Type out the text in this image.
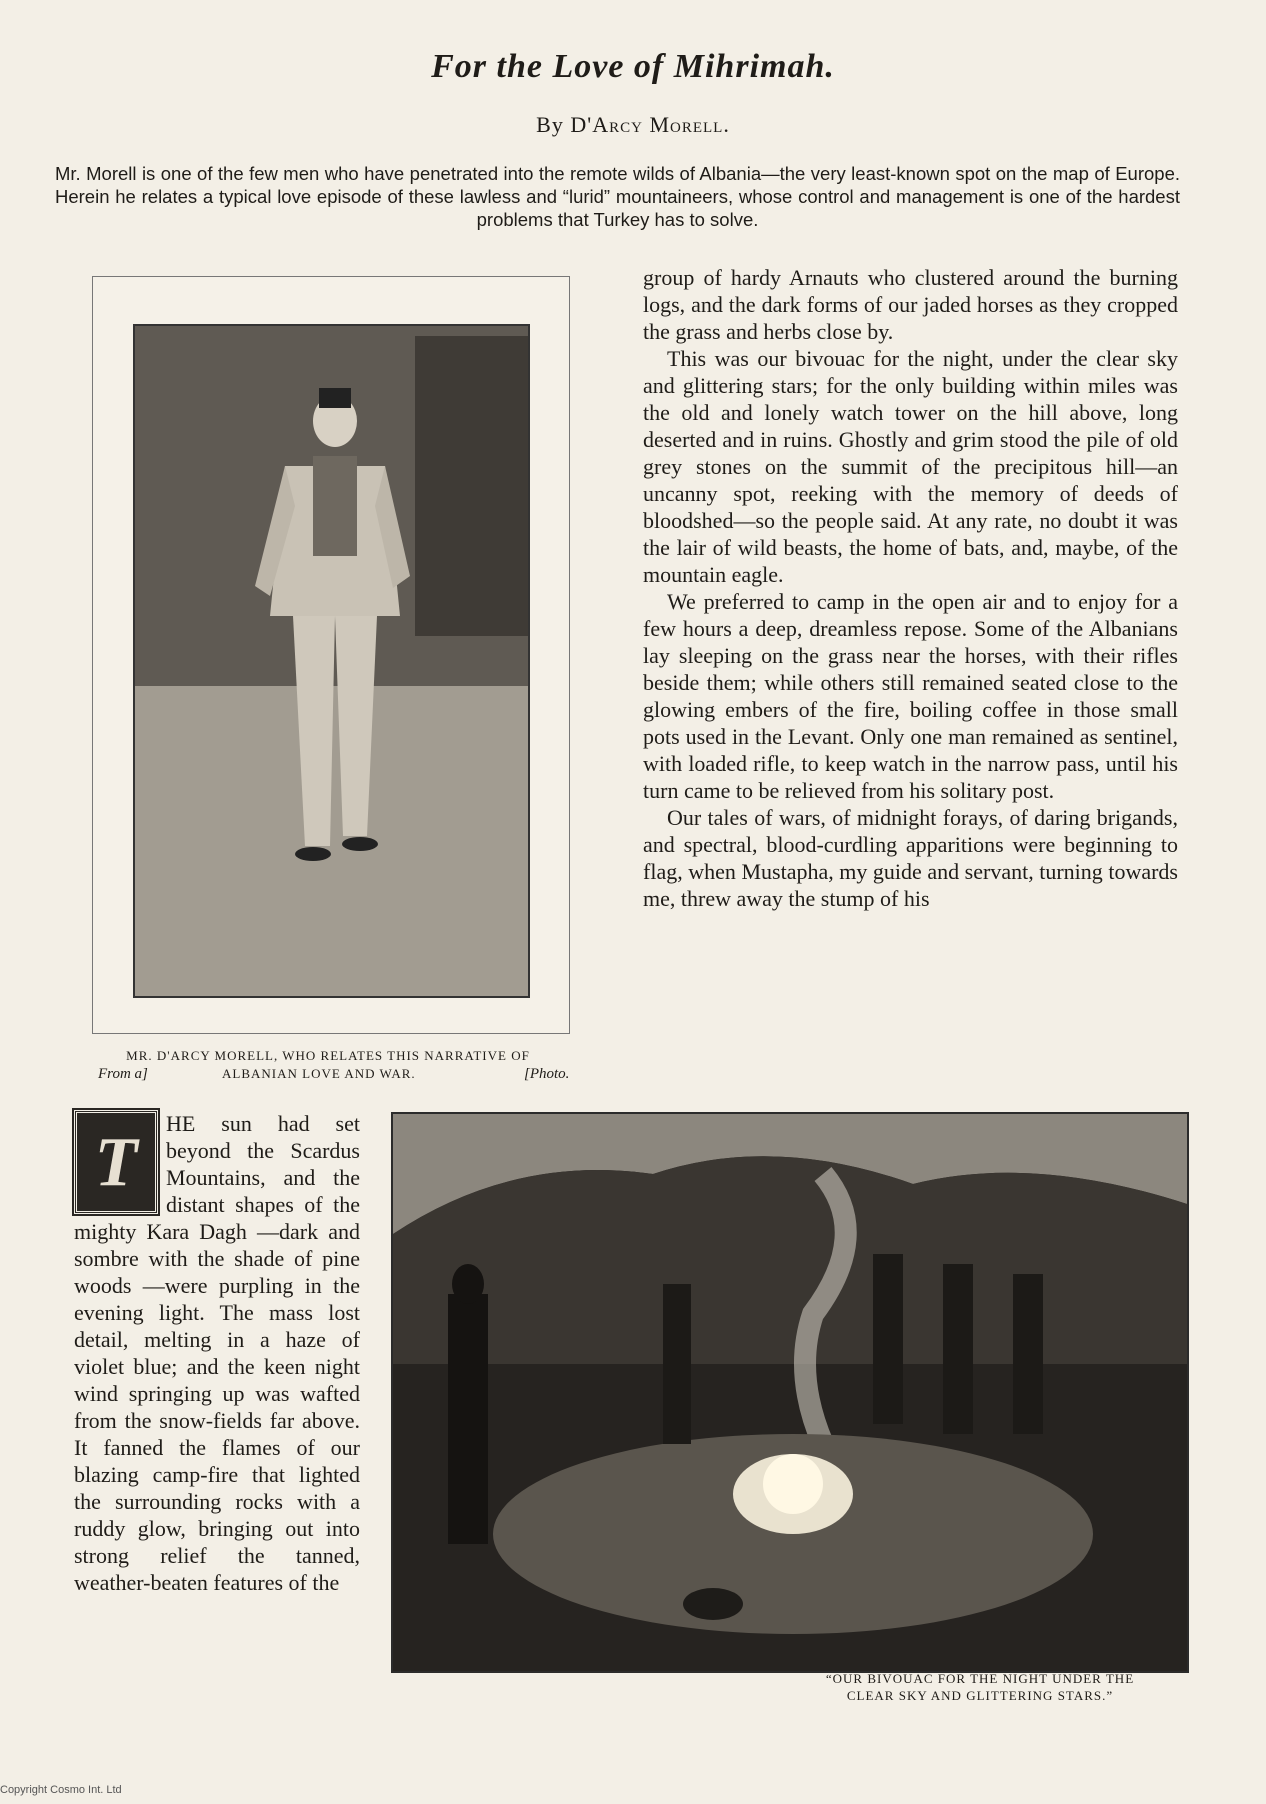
For the Love of Mihrimah.
By D'Arcy Morell.
Mr. Morell is one of the few men who have penetrated into the remote wilds of Albania—the very least-known spot on the map of Europe. Herein he relates a typical love episode of these lawless and “lurid” mountaineers, whose control and management is one of the hardest problems that Turkey has to solve.
MR. D'ARCY MORELL, WHO RELATES THIS NARRATIVE OF
From a]	ALBANIAN LOVE AND WAR.	[Photo.

group of hardy Arnauts who clustered around the burning logs, and the dark forms of our jaded horses as they cropped the grass and herbs close by.

This was our bivouac for the night, under the clear sky and glittering stars; for the only building within miles was the old and lonely watch tower on the hill above, long deserted and in ruins. Ghostly and grim stood the pile of old grey stones on the summit of the precipitous hill—an uncanny spot, reeking with the memory of deeds of bloodshed—so the people said. At any rate, no doubt it was the lair of wild beasts, the home of bats, and, maybe, of the mountain eagle.

We preferred to camp in the open air and to enjoy for a few hours a deep, dreamless repose. Some of the Albanians lay sleeping on the grass near the horses, with their rifles beside them; while others still remained seated close to the glowing embers of the fire, boiling coffee in those small pots used in the Levant. Only one man remained as sentinel, with loaded rifle, to keep watch in the narrow pass, until his turn came to be relieved from his solitary post.

Our tales of wars, of midnight forays, of daring brigands, and spectral, blood-curdling apparitions were beginning to flag, when Mustapha, my guide and servant, turning towards me, threw away the stump of his

T	HE sun had set beyond the Scardus Mountains, and the distant shapes of the mighty Kara Dagh —dark and sombre with the shade of pine woods —were purpling in the evening light. The mass lost detail, melting in a haze of violet blue; and the keen night wind springing up was wafted from the snow-fields far above. It fanned the flames of our blazing camp-fire that lighted the surrounding rocks with a ruddy glow, bringing out into strong relief the tanned, weather-beaten features of the
“OUR BIVOUAC FOR THE NIGHT UNDER THE
CLEAR SKY AND GLITTERING STARS.”
Copyright Cosmo Int. Ltd
